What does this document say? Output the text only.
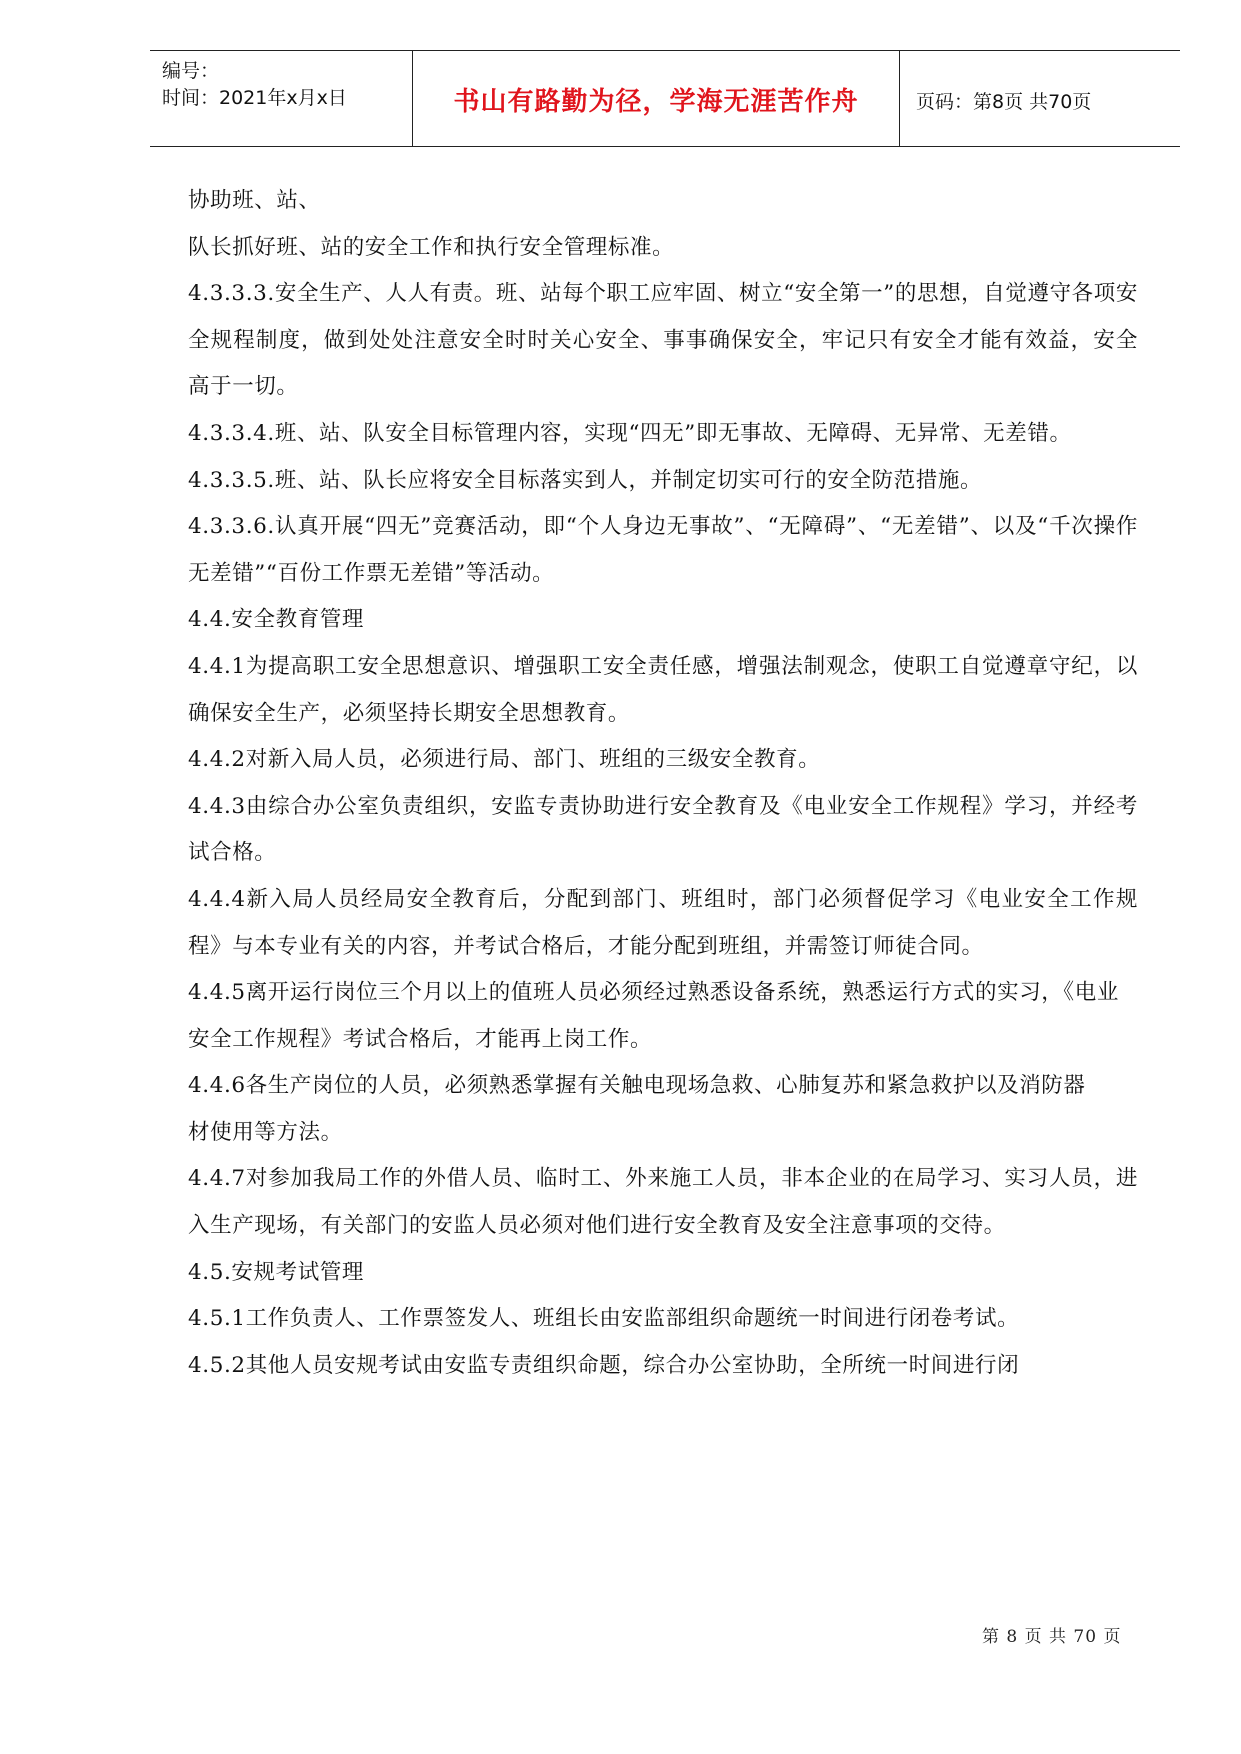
编号：
时间：2021年x月x日	书山有路勤为径，学海无涯苦作舟	页码：第8页 共70页

协助班、站、

队长抓好班、站的安全工作和执行安全管理标准。

4.3.3.3.安全生产、人人有责。班、站每个职工应牢固、树立“安全第一”的思想，自觉遵守各项安全规程制度，做到处处注意安全时时关心安全、事事确保安全，牢记只有安全才能有效益，安全高于一切。

4.3.3.4.班、站、队安全目标管理内容，实现“四无”即无事故、无障碍、无异常、无差错。

4.3.3.5.班、站、队长应将安全目标落实到人，并制定切实可行的安全防范措施。

4.3.3.6.认真开展“四无”竞赛活动，即“个人身边无事故”、“无障碍”、“无差错”、以及“千次操作无差错”“百份工作票无差错”等活动。

4.4.安全教育管理

4.4.1为提高职工安全思想意识、增强职工安全责任感，增强法制观念，使职工自觉遵章守纪，以确保安全生产，必须坚持长期安全思想教育。

4.4.2对新入局人员，必须进行局、部门、班组的三级安全教育。

4.4.3由综合办公室负责组织，安监专责协助进行安全教育及《电业安全工作规程》学习，并经考试合格。

4.4.4新入局人员经局安全教育后，分配到部门、班组时，部门必须督促学习《电业安全工作规程》与本专业有关的内容，并考试合格后，才能分配到班组，并需签订师徒合同。

4.4.5离开运行岗位三个月以上的值班人员必须经过熟悉设备系统，熟悉运行方式的实习，《电业

安全工作规程》考试合格后，才能再上岗工作。

4.4.6各生产岗位的人员，必须熟悉掌握有关触电现场急救、心肺复苏和紧急救护以及消防器

材使用等方法。

4.4.7对参加我局工作的外借人员、临时工、外来施工人员，非本企业的在局学习、实习人员，进入生产现场，有关部门的安监人员必须对他们进行安全教育及安全注意事项的交待。

4.5.安规考试管理

4.5.1工作负责人、工作票签发人、班组长由安监部组织命题统一时间进行闭卷考试。

4.5.2其他人员安规考试由安监专责组织命题，综合办公室协助，全所统一时间进行闭

第 8 页 共 70 页
